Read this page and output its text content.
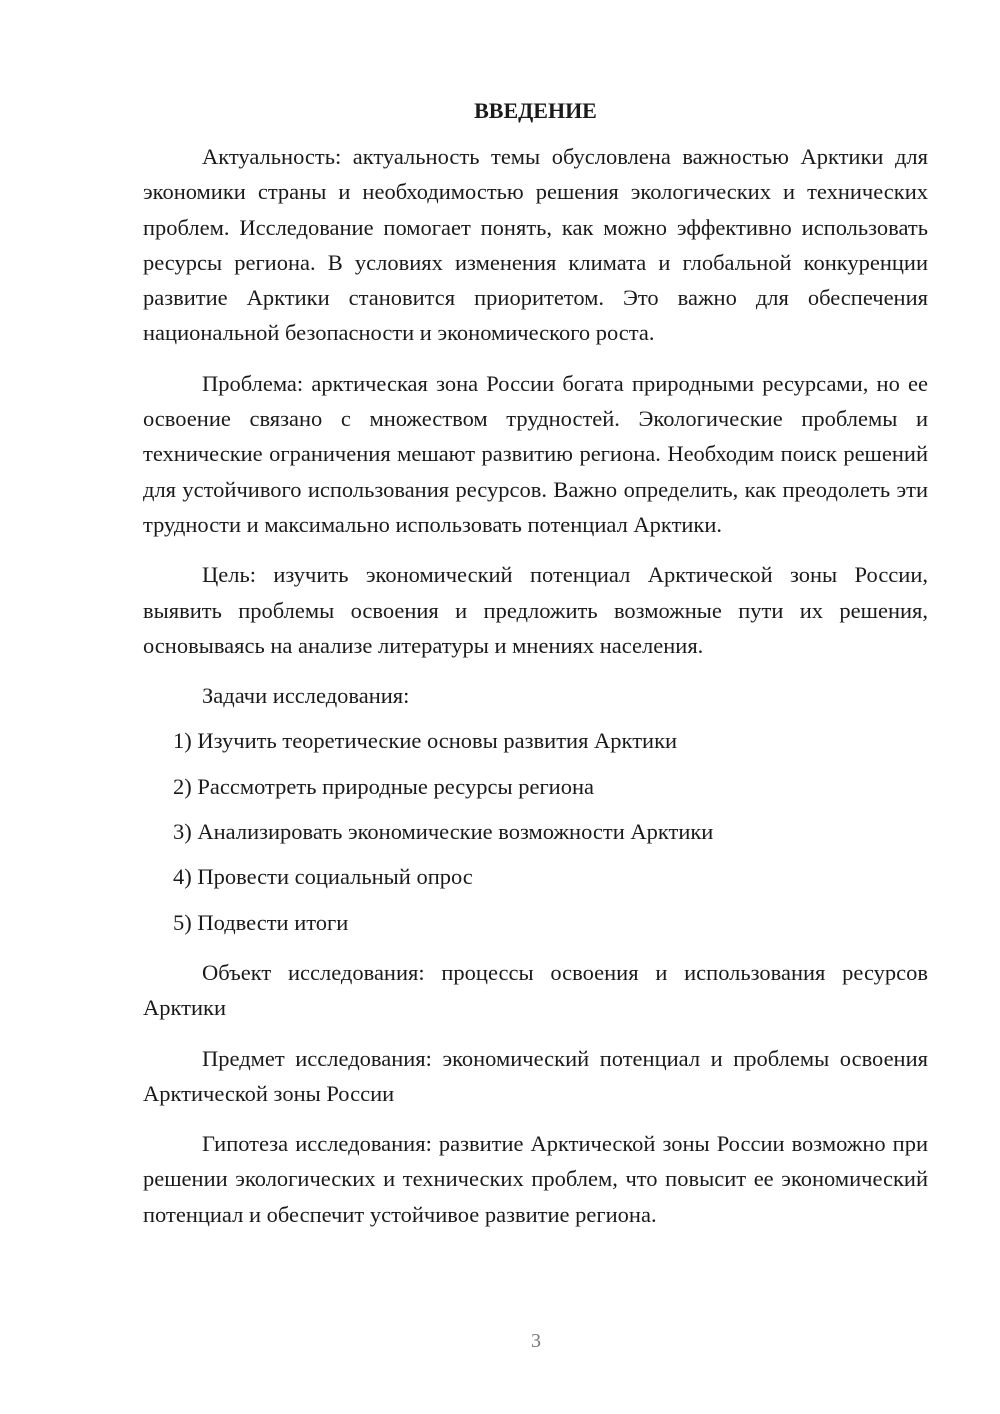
ВВЕДЕНИЕ

Актуальность: актуальность темы обусловлена важностью Арктики для экономики страны и необходимостью решения экологических и технических проблем. Исследование помогает понять, как можно эффективно использовать ресурсы региона. В условиях изменения климата и глобальной конкуренции развитие Арктики становится приоритетом. Это важно для обеспечения национальной безопасности и экономического роста.

Проблема: арктическая зона России богата природными ресурсами, но ее освоение связано с множеством трудностей. Экологические проблемы и технические ограничения мешают развитию региона. Необходим поиск решений для устойчивого использования ресурсов. Важно определить, как преодолеть эти трудности и максимально использовать потенциал Арктики.

Цель: изучить экономический потенциал Арктической зоны России, выявить проблемы освоения и предложить возможные пути их решения, основываясь на анализе литературы и мнениях населения.

Задачи исследования:

1) Изучить теоретические основы развития Арктики

2) Рассмотреть природные ресурсы региона

3) Анализировать экономические возможности Арктики

4) Провести социальный опрос

5) Подвести итоги

Объект исследования: процессы освоения и использования ресурсов Арктики

Предмет исследования: экономический потенциал и проблемы освоения Арктической зоны России

Гипотеза исследования: развитие Арктической зоны России возможно при решении экологических и технических проблем, что повысит ее экономический потенциал и обеспечит устойчивое развитие региона.

3
